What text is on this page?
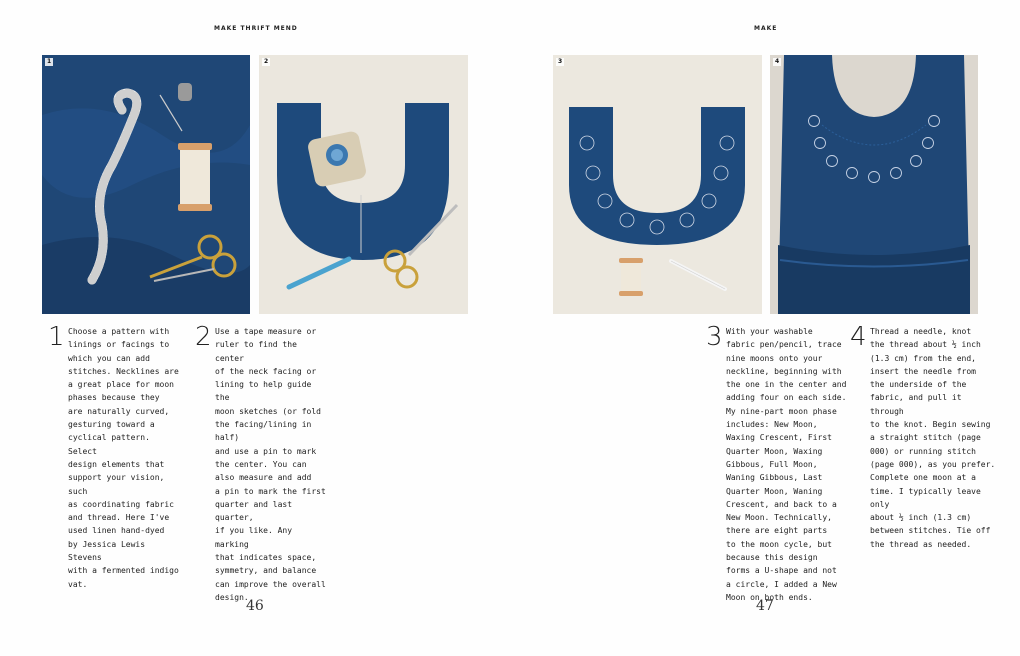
MAKE THRIFT MEND
1	2
1 Choose a pattern with
linings or facings to
which you can add
stitches. Necklines are
a great place for moon
phases because they
are naturally curved,
gesturing toward a
cyclical pattern. Select
design elements that
support your vision, such
as coordinating fabric
and thread. Here I've
used linen hand-dyed
by Jessica Lewis Stevens
with a fermented indigo
vat.
2 Use a tape measure or
ruler to find the center
of the neck facing or
lining to help guide the
moon sketches (or fold
the facing/lining in half)
and use a pin to mark
the center. You can
also measure and add
a pin to mark the first
quarter and last quarter,
if you like. Any marking
that indicates space,
symmetry, and balance
can improve the overall
design.
46
MAKE
3	4
3 With your washable
fabric pen/pencil, trace
nine moons onto your
neckline, beginning with
the one in the center and
adding four on each side.
My nine-part moon phase
includes: New Moon,
Waxing Crescent, First
Quarter Moon, Waxing
Gibbous, Full Moon,
Waning Gibbous, Last
Quarter Moon, Waning
Crescent, and back to a
New Moon. Technically,
there are eight parts
to the moon cycle, but
because this design
forms a U-shape and not
a circle, I added a New
Moon on both ends.
4 Thread a needle, knot
the thread about ½ inch
(1.3 cm) from the end,
insert the needle from
the underside of the
fabric, and pull it through
to the knot. Begin sewing
a straight stitch (page
000) or running stitch
(page 000), as you prefer.
Complete one moon at a
time. I typically leave only
about ½ inch (1.3 cm)
between stitches. Tie off
the thread as needed.
47
